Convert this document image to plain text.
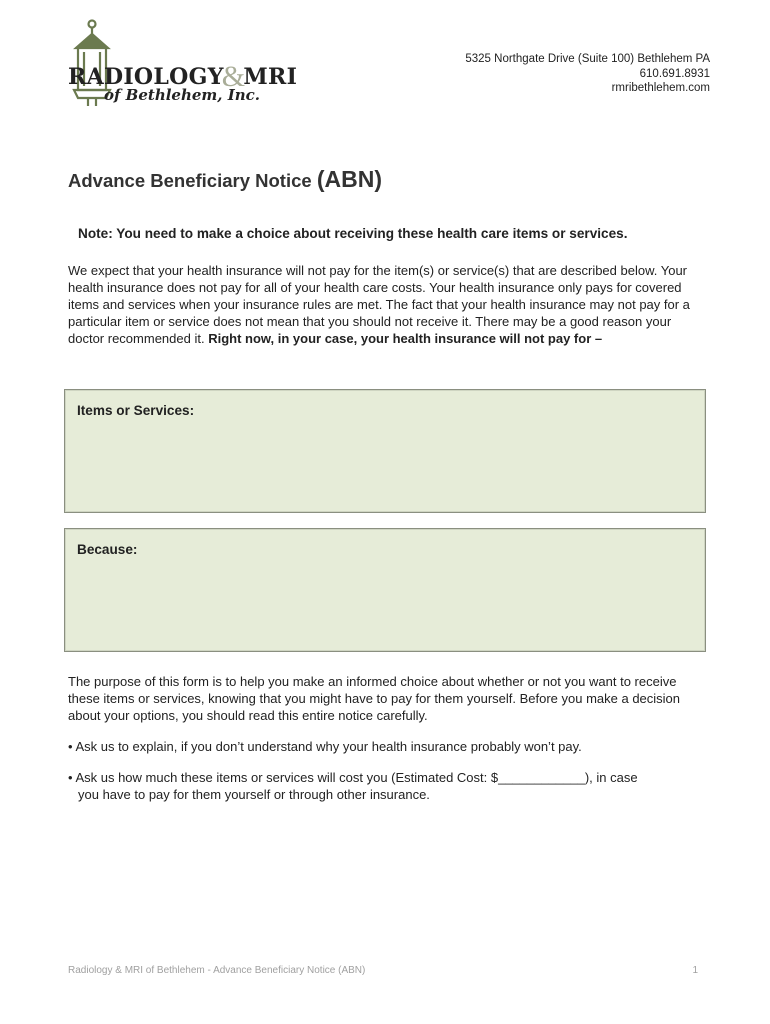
RADIOLOGY&MRI
of Bethlehem, Inc.
5325 Northgate Drive (Suite 100) Bethlehem PA
610.691.8931
rmribethlehem.com
Advance Beneficiary Notice (ABN)
Note: You need to make a choice about receiving these health care items or services.
We expect that your health insurance will not pay for the item(s) or service(s) that are described below. Your health insurance does not pay for all of your health care costs. Your health insurance only pays for covered items and services when your insurance rules are met. The fact that your health insurance may not pay for a particular item or service does not mean that you should not receive it. There may be a good reason your doctor recommended it. Right now, in your case, your health insurance will not pay for –
Items or Services:
Because:
The purpose of this form is to help you make an informed choice about whether or not you want to receive these items or services, knowing that you might have to pay for them yourself. Before you make a decision about your options, you should read this entire notice carefully.
• Ask us to explain, if you don’t understand why your health insurance probably won’t pay.
• Ask us how much these items or services will cost you (Estimated Cost: $____________), in case
you have to pay for them yourself or through other insurance.
Radiology & MRI of Bethlehem - Advance Beneficiary Notice (ABN)	1
